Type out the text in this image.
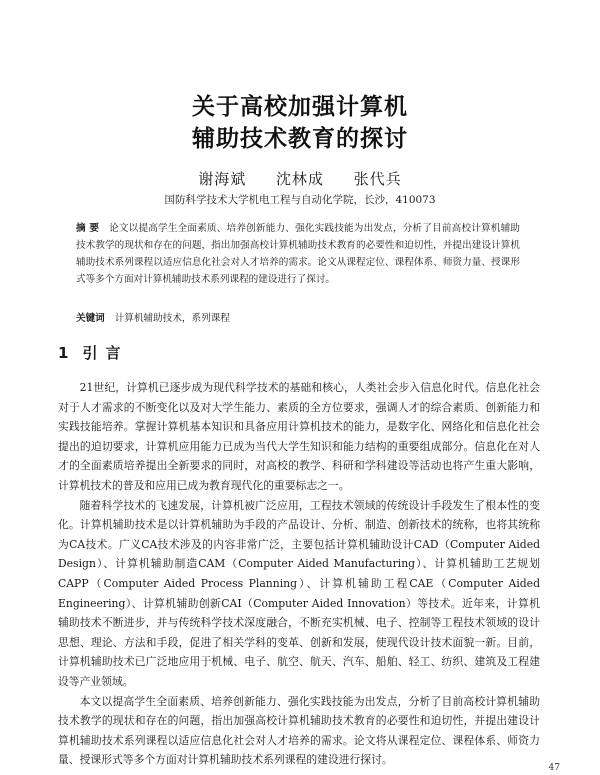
关于高校加强计算机
辅助技术教育的探讨
谢海斌 沈林成 张代兵
国防科学技术大学机电工程与自动化学院，长沙，410073
摘 要 论文以提高学生全面素质、培养创新能力、强化实践技能为出发点，分析了目前高校计算机辅助技术教学的现状和存在的问题，指出加强高校计算机辅助技术教育的必要性和迫切性，并提出建设计算机辅助技术系列课程以适应信息化社会对人才培养的需求。论文从课程定位、课程体系、师资力量、授课形式等多个方面对计算机辅助技术系列课程的建设进行了探讨。
关键词 计算机辅助技术，系列课程
1 引言

21世纪，计算机已逐步成为现代科学技术的基础和核心，人类社会步入信息化时代。信息化社会对于人才需求的不断变化以及对大学生能力、素质的全方位要求，强调人才的综合素质、创新能力和实践技能培养。掌握计算机基本知识和具备应用计算机技术的能力，是数字化、网络化和信息化社会提出的迫切要求，计算机应用能力已成为当代大学生知识和能力结构的重要组成部分。信息化在对人才的全面素质培养提出全新要求的同时，对高校的教学、科研和学科建设等活动也将产生重大影响，计算机技术的普及和应用已成为教育现代化的重要标志之一。

随着科学技术的飞速发展，计算机被广泛应用，工程技术领域的传统设计手段发生了根本性的变化。计算机辅助技术是以计算机辅助为手段的产品设计、分析、制造、创新技术的统称，也将其统称为CA技术。广义CA技术涉及的内容非常广泛，主要包括计算机辅助设计CAD（Computer Aided Design）、计算机辅助制造CAM（Computer Aided Manufacturing）、计算机辅助工艺规划CAPP（Computer Aided Process Planning）、计算机辅助工程CAE（Computer Aided Engineering）、计算机辅助创新CAI（Computer Aided Innovation）等技术。近年来，计算机辅助技术不断进步，并与传统科学技术深度融合，不断充实机械、电子、控制等工程技术领域的设计思想、理论、方法和手段，促进了相关学科的变革、创新和发展，使现代设计技术面貌一新。目前，计算机辅助技术已广泛地应用于机械、电子、航空、航天、汽车、船舶、轻工、纺织、建筑及工程建设等产业领域。

本文以提高学生全面素质、培养创新能力、强化实践技能为出发点，分析了目前高校计算机辅助技术教学的现状和存在的问题，指出加强高校计算机辅助技术教育的必要性和迫切性，并提出建设计算机辅助技术系列课程以适应信息化社会对人才培养的需求。论文将从课程定位、课程体系、师资力量、授课形式等多个方面对计算机辅助技术系列课程的建设进行探讨。

47
